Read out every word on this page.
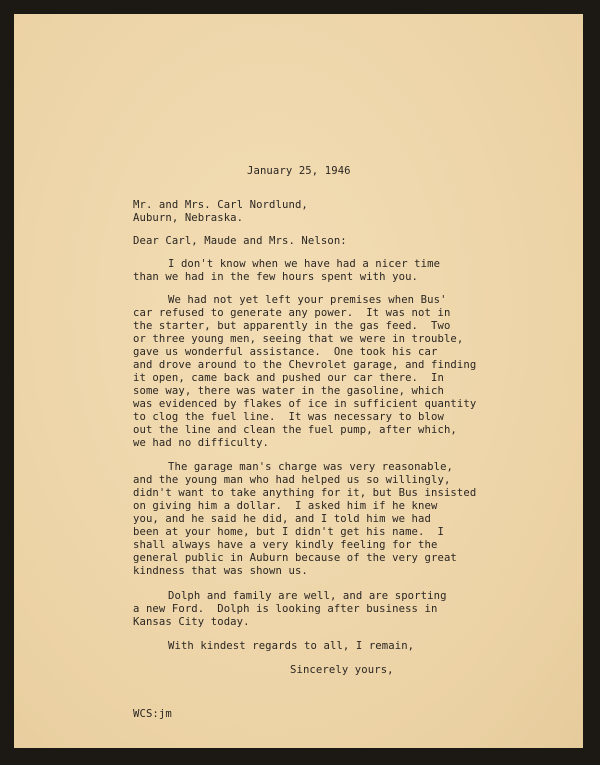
January 25, 1946

Mr. and Mrs. Carl Nordlund,

Auburn, Nebraska.

Dear Carl, Maude and Mrs. Nelson:

I don't know when we have had a nicer time

than we had in the few hours spent with you.

We had not yet left your premises when Bus'

car refused to generate any power.  It was not in

the starter, but apparently in the gas feed.  Two

or three young men, seeing that we were in trouble,

gave us wonderful assistance.  One took his car

and drove around to the Chevrolet garage, and finding

it open, came back and pushed our car there.  In

some way, there was water in the gasoline, which

was evidenced by flakes of ice in sufficient quantity

to clog the fuel line.  It was necessary to blow

out the line and clean the fuel pump, after which,

we had no difficulty.

The garage man's charge was very reasonable,

and the young man who had helped us so willingly,

didn't want to take anything for it, but Bus insisted

on giving him a dollar.  I asked him if he knew

you, and he said he did, and I told him we had

been at your home, but I didn't get his name.  I

shall always have a very kindly feeling for the

general public in Auburn because of the very great

kindness that was shown us.

Dolph and family are well, and are sporting

a new Ford.  Dolph is looking after business in

Kansas City today.

With kindest regards to all, I remain,

Sincerely yours,

WCS:jm
